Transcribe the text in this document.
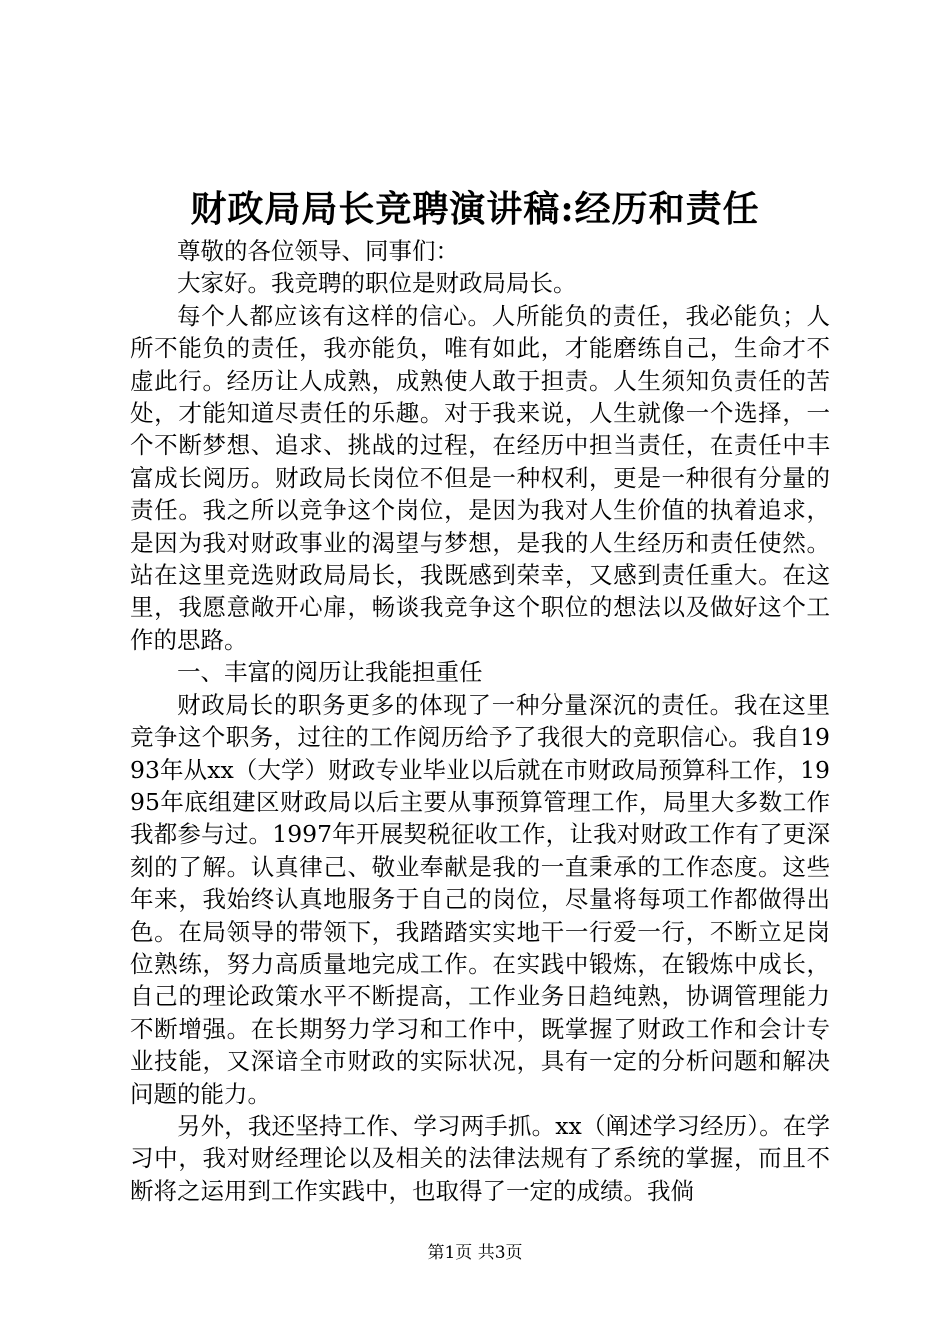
财政局局长竞聘演讲稿:经历和责任

尊敬的各位领导、同事们：

大家好。我竞聘的职位是财政局局长。

每个人都应该有这样的信心。人所能负的责任，我必能负；人所不能负的责任，我亦能负，唯有如此，才能磨练自己，生命才不虚此行。经历让人成熟，成熟使人敢于担责。人生须知负责任的苦处，才能知道尽责任的乐趣。对于我来说，人生就像一个选择，一个不断梦想、追求、挑战的过程，在经历中担当责任，在责任中丰富成长阅历。财政局长岗位不但是一种权利，更是一种很有分量的责任。我之所以竞争这个岗位，是因为我对人生价值的执着追求，是因为我对财政事业的渴望与梦想，是我的人生经历和责任使然。站在这里竞选财政局局长，我既感到荣幸，又感到责任重大。在这里，我愿意敞开心扉，畅谈我竞争这个职位的想法以及做好这个工作的思路。

一、丰富的阅历让我能担重任

财政局长的职务更多的体现了一种分量深沉的责任。我在这里竞争这个职务，过往的工作阅历给予了我很大的竞职信心。我自1993年从xx（大学）财政专业毕业以后就在市财政局预算科工作，1995年底组建区财政局以后主要从事预算管理工作，局里大多数工作我都参与过。1997年开展契税征收工作，让我对财政工作有了更深刻的了解。认真律己、敬业奉献是我的一直秉承的工作态度。这些年来，我始终认真地服务于自己的岗位，尽量将每项工作都做得出色。在局领导的带领下，我踏踏实实地干一行爱一行，不断立足岗位熟练，努力高质量地完成工作。在实践中锻炼，在锻炼中成长，自己的理论政策水平不断提高，工作业务日趋纯熟，协调管理能力不断增强。在长期努力学习和工作中，既掌握了财政工作和会计专业技能，又深谙全市财政的实际状况，具有一定的分析问题和解决问题的能力。

另外，我还坚持工作、学习两手抓。xx（阐述学习经历）。在学习中，我对财经理论以及相关的法律法规有了系统的掌握，而且不断将之运用到工作实践中，也取得了一定的成绩。我倘

第1页 共3页
